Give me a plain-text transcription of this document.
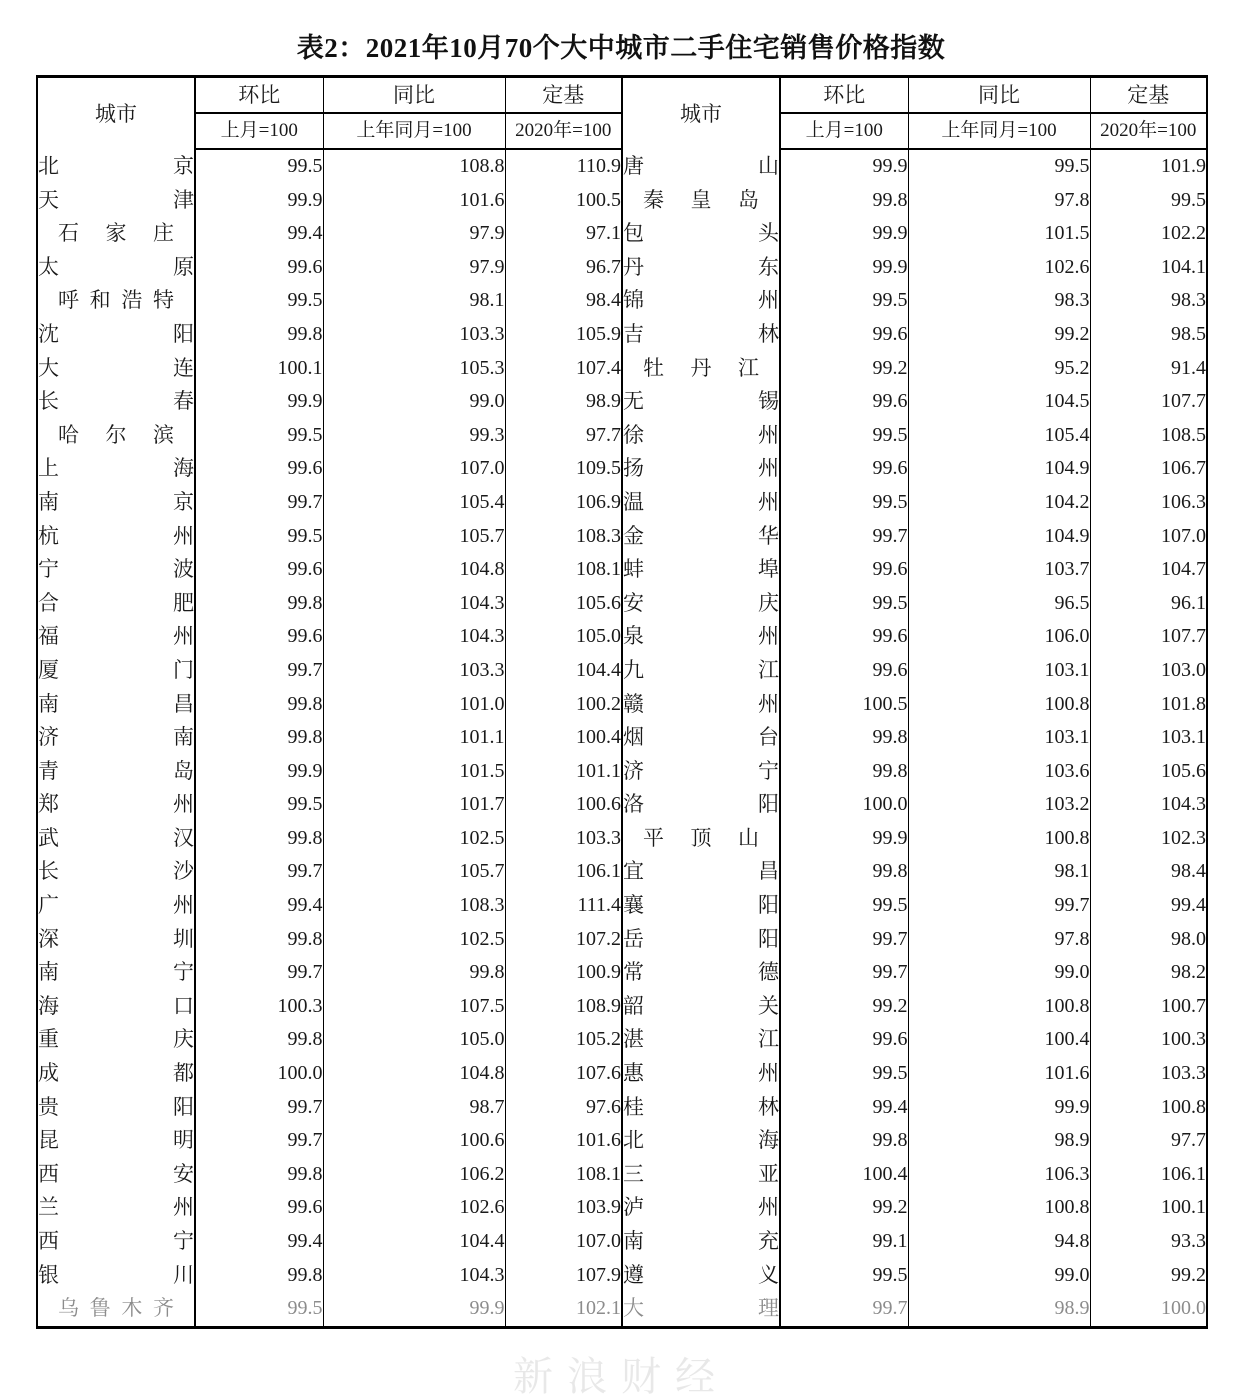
表2：2021年10月70个大中城市二手住宅销售价格指数
城市	环比	同比	定基	城市	环比	同比	定基
	上月=100	上年同月=100	2020年=100		上月=100	上年同月=100	2020年=100
北　　京	99.5	108.8	110.9	唐　　山	99.9	99.5	101.9
天　　津	99.9	101.6	100.5	秦 皇 岛	99.8	97.8	99.5
石 家 庄	99.4	97.9	97.1	包　　头	99.9	101.5	102.2
太　　原	99.6	97.9	96.7	丹　　东	99.9	102.6	104.1
呼和浩特	99.5	98.1	98.4	锦　　州	99.5	98.3	98.3
沈　　阳	99.8	103.3	105.9	吉　　林	99.6	99.2	98.5
大　　连	100.1	105.3	107.4	牡 丹 江	99.2	95.2	91.4
长　　春	99.9	99.0	98.9	无　　锡	99.6	104.5	107.7
哈 尔 滨	99.5	99.3	97.7	徐　　州	99.5	105.4	108.5
上　　海	99.6	107.0	109.5	扬　　州	99.6	104.9	106.7
南　　京	99.7	105.4	106.9	温　　州	99.5	104.2	106.3
杭　　州	99.5	105.7	108.3	金　　华	99.7	104.9	107.0
宁　　波	99.6	104.8	108.1	蚌　　埠	99.6	103.7	104.7
合　　肥	99.8	104.3	105.6	安　　庆	99.5	96.5	96.1
福　　州	99.6	104.3	105.0	泉　　州	99.6	106.0	107.7
厦　　门	99.7	103.3	104.4	九　　江	99.6	103.1	103.0
南　　昌	99.8	101.0	100.2	赣　　州	100.5	100.8	101.8
济　　南	99.8	101.1	100.4	烟　　台	99.8	103.1	103.1
青　　岛	99.9	101.5	101.1	济　　宁	99.8	103.6	105.6
郑　　州	99.5	101.7	100.6	洛　　阳	100.0	103.2	104.3
武　　汉	99.8	102.5	103.3	平 顶 山	99.9	100.8	102.3
长　　沙	99.7	105.7	106.1	宜　　昌	99.8	98.1	98.4
广　　州	99.4	108.3	111.4	襄　　阳	99.5	99.7	99.4
深　　圳	99.8	102.5	107.2	岳　　阳	99.7	97.8	98.0
南　　宁	99.7	99.8	100.9	常　　德	99.7	99.0	98.2
海　　口	100.3	107.5	108.9	韶　　关	99.2	100.8	100.7
重　　庆	99.8	105.0	105.2	湛　　江	99.6	100.4	100.3
成　　都	100.0	104.8	107.6	惠　　州	99.5	101.6	103.3
贵　　阳	99.7	98.7	97.6	桂　　林	99.4	99.9	100.8
昆　　明	99.7	100.6	101.6	北　　海	99.8	98.9	97.7
西　　安	99.8	106.2	108.1	三　　亚	100.4	106.3	106.1
兰　　州	99.6	102.6	103.9	泸　　州	99.2	100.8	100.1
西　　宁	99.4	104.4	107.0	南　　充	99.1	94.8	93.3
银　　川	99.8	104.3	107.9	遵　　义	99.5	99.0	99.2
乌鲁木齐	99.5	99.9	102.1	大　　理	99.7	98.9	100.0
新浪财经
